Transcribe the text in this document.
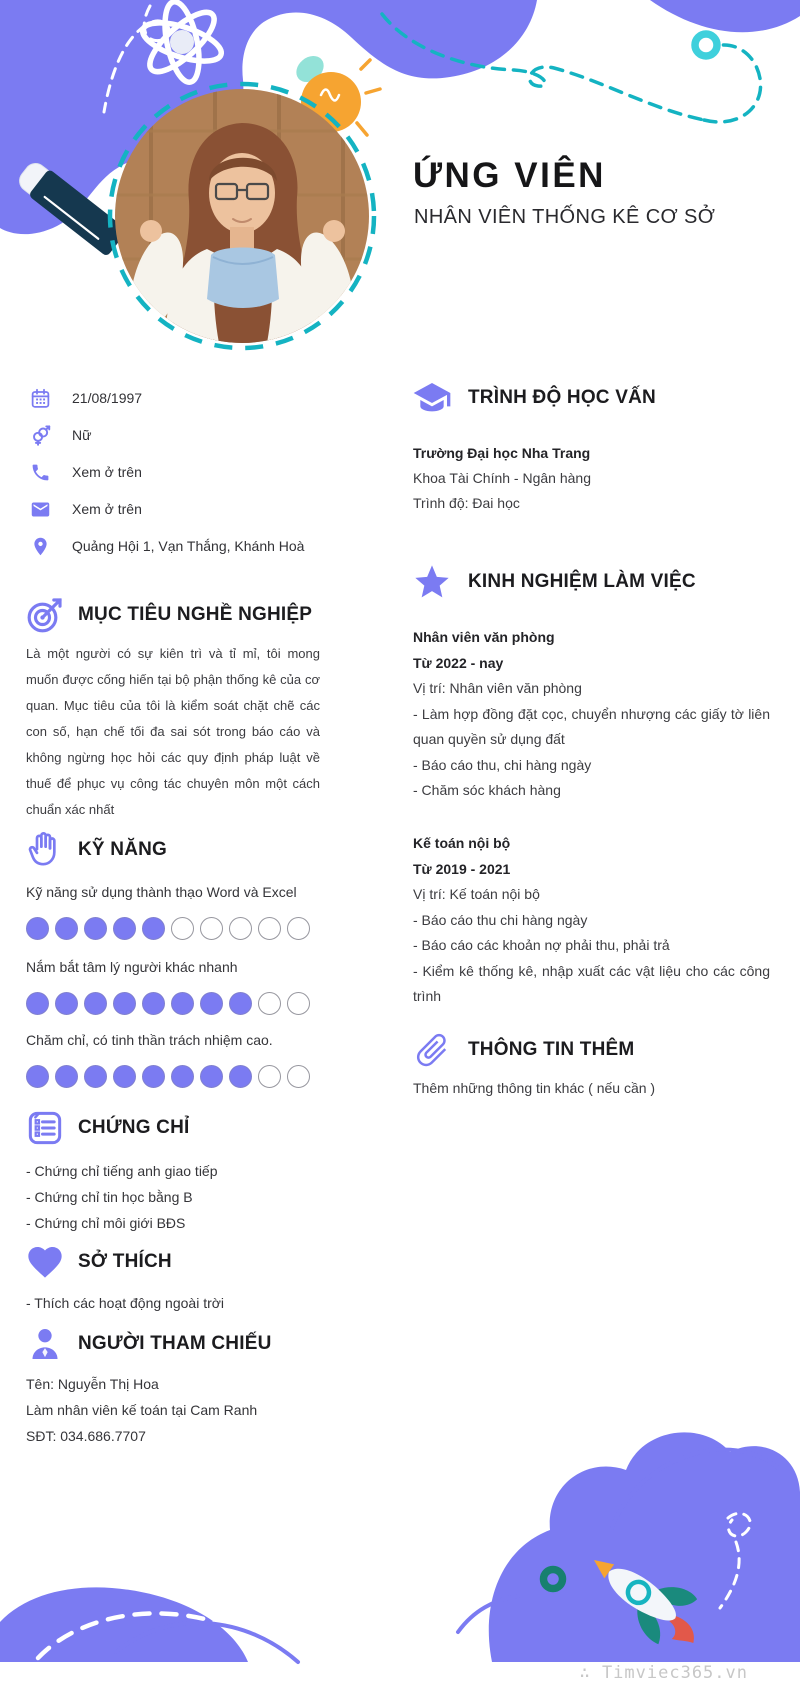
ỨNG VIÊN
NHÂN VIÊN THỐNG KÊ CƠ SỞ
21/08/1997
Nữ
Xem ở trên
Xem ở trên
Quảng Hội 1, Vạn Thắng, Khánh Hoà
MỤC TIÊU NGHỀ NGHIỆP
Là một người có sự kiên trì và tỉ mỉ, tôi mong muốn được cống hiến tại bộ phận thống kê của cơ quan. Mục tiêu của tôi là kiểm soát chặt chẽ các con số, hạn chế tối đa sai sót trong báo cáo và không ngừng học hỏi các quy định pháp luật về thuế để phục vụ công tác chuyên môn một cách chuẩn xác nhất
KỸ NĂNG
Kỹ năng sử dụng thành thạo Word và Excel
Nắm bắt tâm lý người khác nhanh
Chăm chỉ, có tinh thần trách nhiệm cao.
CHỨNG CHỈ
- Chứng chỉ tiếng anh giao tiếp
- Chứng chỉ tin học bằng B
- Chứng chỉ môi giới BĐS
SỞ THÍCH
- Thích các hoạt động ngoài trời
NGƯỜI THAM CHIẾU
Tên: Nguyễn Thị Hoa
Làm nhân viên kế toán tại Cam Ranh
SĐT: 034.686.7707
TRÌNH ĐỘ HỌC VẤN
Trường Đại học Nha Trang
Khoa Tài Chính - Ngân hàng
Trình độ: Đai học
KINH NGHIỆM LÀM VIỆC
Nhân viên văn phòng
Từ 2022 - nay
Vị trí: Nhân viên văn phòng
- Làm hợp đồng đặt cọc, chuyển nhượng các giấy tờ liên quan quyền sử dụng đất
- Báo cáo thu, chi hàng ngày
- Chăm sóc khách hàng
Kế toán nội bộ
Từ 2019 - 2021
Vị trí: Kế toán nội bộ
- Báo cáo thu chi hàng ngày
- Báo cáo các khoản nợ phải thu, phải trả
- Kiểm kê thống kê, nhập xuất các vật liệu cho các công trình
THÔNG TIN THÊM
Thêm những thông tin khác ( nếu cần )
∴ Timviec365.vn
